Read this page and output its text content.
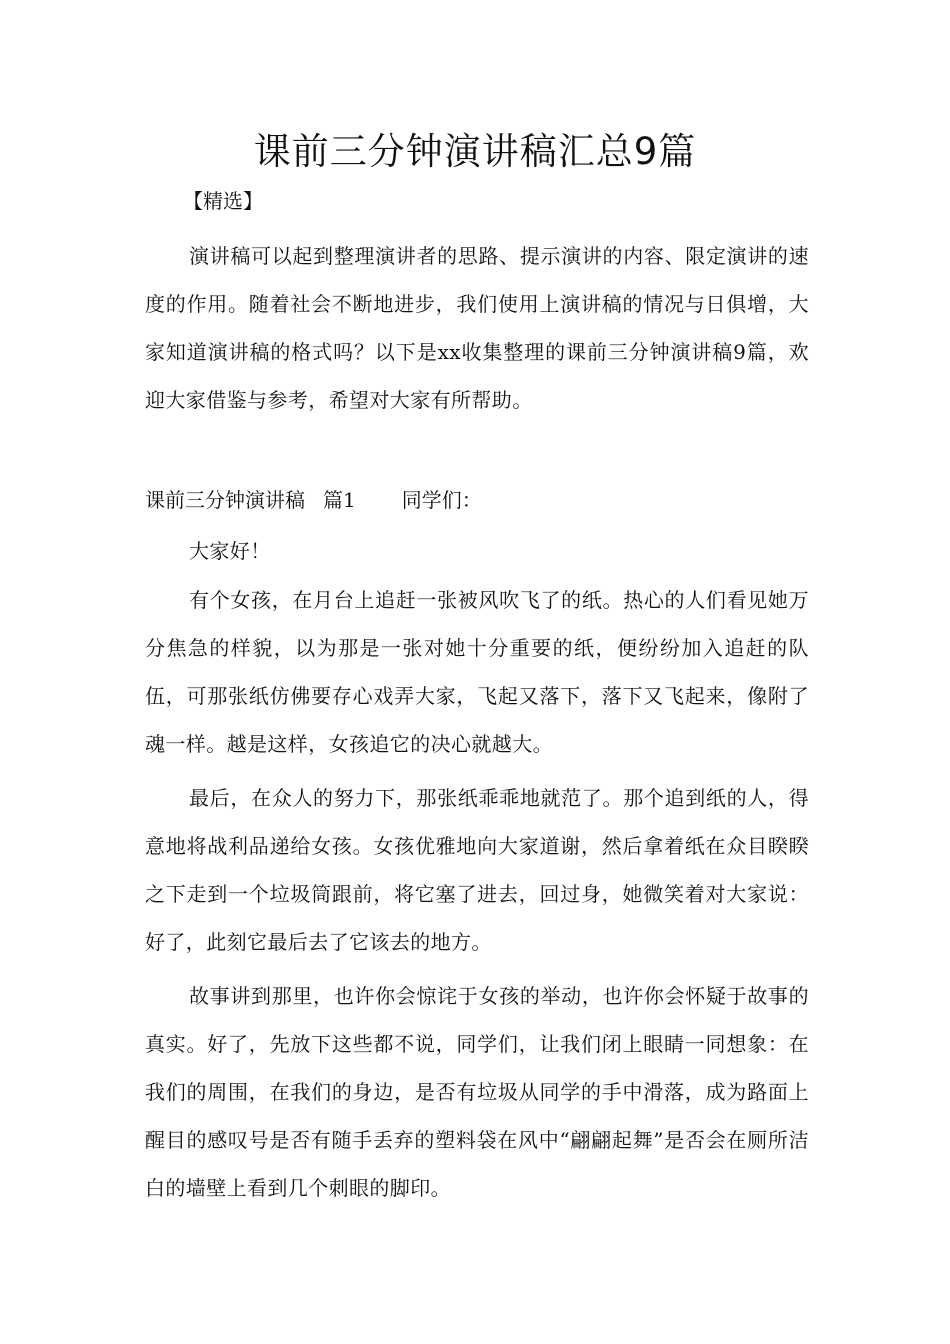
课前三分钟演讲稿汇总9篇
【精选】

演讲稿可以起到整理演讲者的思路、提示演讲的内容、限定演讲的速度的作用。随着社会不断地进步，我们使用上演讲稿的情况与日俱增，大家知道演讲稿的格式吗？以下是xx收集整理的课前三分钟演讲稿9篇，欢迎大家借鉴与参考，希望对大家有所帮助。

课前三分钟演讲稿 篇1 同学们：

大家好！

有个女孩，在月台上追赶一张被风吹飞了的纸。热心的人们看见她万分焦急的样貌，以为那是一张对她十分重要的纸，便纷纷加入追赶的队伍，可那张纸仿佛要存心戏弄大家，飞起又落下，落下又飞起来，像附了魂一样。越是这样，女孩追它的决心就越大。

最后，在众人的努力下，那张纸乖乖地就范了。那个追到纸的人，得意地将战利品递给女孩。女孩优雅地向大家道谢，然后拿着纸在众目睽睽之下走到一个垃圾筒跟前，将它塞了进去，回过身，她微笑着对大家说：好了，此刻它最后去了它该去的地方。

故事讲到那里，也许你会惊诧于女孩的举动，也许你会怀疑于故事的真实。好了，先放下这些都不说，同学们，让我们闭上眼睛一同想象：在我们的周围，在我们的身边，是否有垃圾从同学的手中滑落，成为路面上醒目的感叹号是否有随手丢弃的塑料袋在风中“翩翩起舞”是否会在厕所洁白的墙壁上看到几个刺眼的脚印。
